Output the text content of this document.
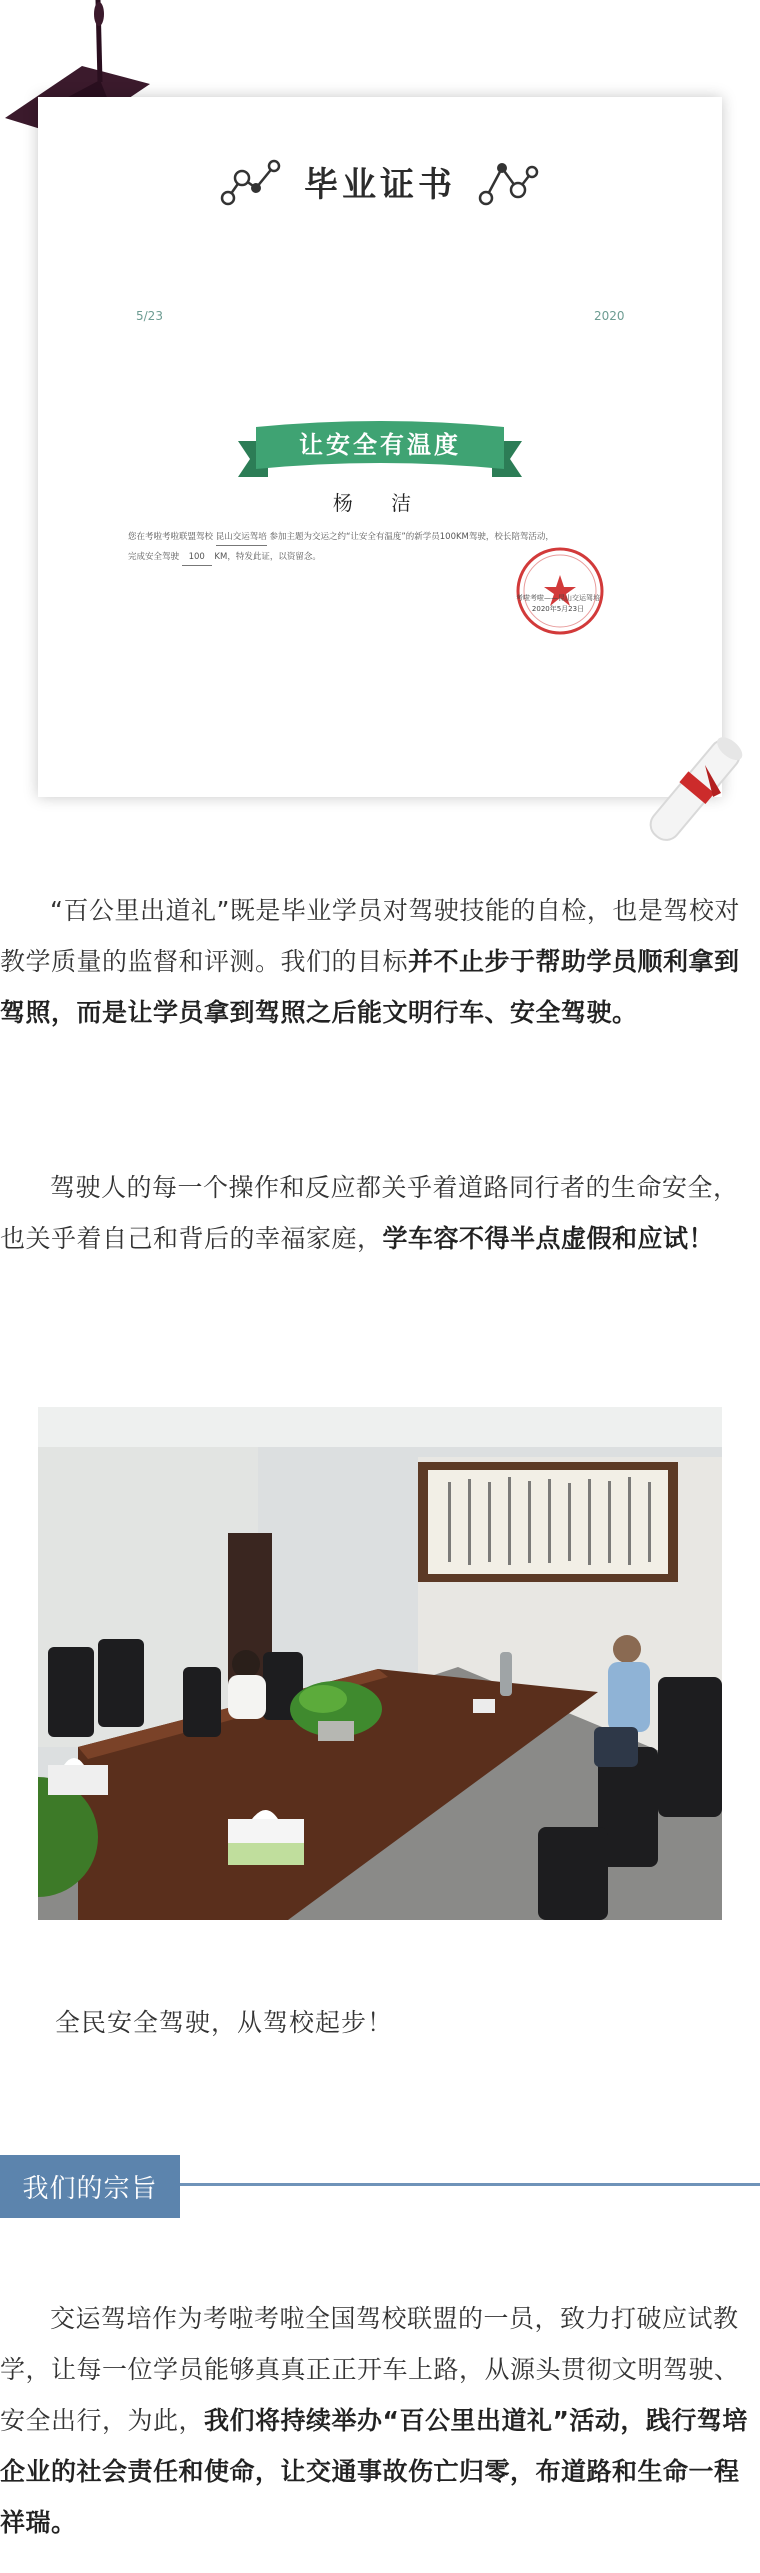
毕业证书
5/23	2020
让安全有温度
杨 洁
您在考啦考啦联盟驾校 昆山交运驾培 参加主题为交运之约“让安全有温度”的新学员100KM驾驶，校长陪驾活动，
完成安全驾驶 100 KM，特发此证，以资留念。
考啦考啦——昆山交运驾培
2020年5月23日

“百公里出道礼”既是毕业学员对驾驶技能的自检，也是驾校对教学质量的监督和评测。我们的目标并不止步于帮助学员顺利拿到驾照，而是让学员拿到驾照之后能文明行车、安全驾驶。

驾驶人的每一个操作和反应都关乎着道路同行者的生命安全，也关乎着自己和背后的幸福家庭，学车容不得半点虚假和应试！

全民安全驾驶，从驾校起步！
我们的宗旨

交运驾培作为考啦考啦全国驾校联盟的一员，致力打破应试教学，让每一位学员能够真真正正开车上路，从源头贯彻文明驾驶、安全出行，为此，我们将持续举办“百公里出道礼”活动，践行驾培企业的社会责任和使命，让交通事故伤亡归零，布道路和生命一程祥瑞。
